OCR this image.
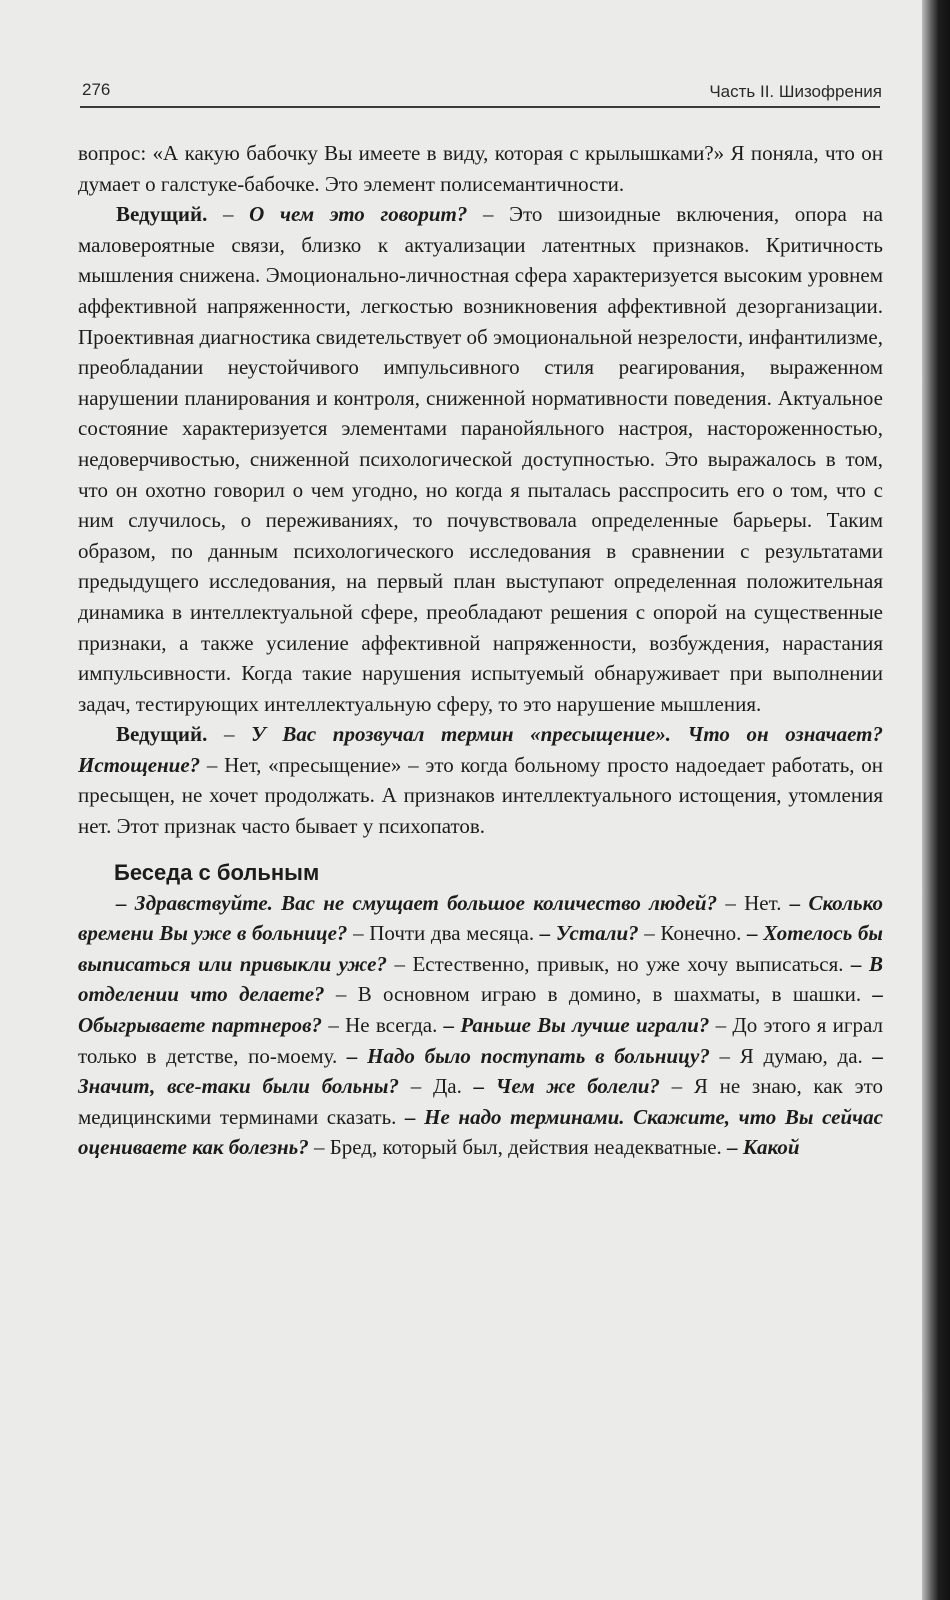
276	Часть II. Шизофрения

вопрос: «А какую бабочку Вы имеете в виду, которая с крылышками?» Я поняла, что он думает о галстуке-бабочке. Это элемент полисемантичности.

Ведущий. – О чем это говорит? – Это шизоидные включения, опора на маловероятные связи, близко к актуализации латентных признаков. Критичность мышления снижена. Эмоционально-личностная сфера характеризуется высоким уровнем аффективной напряженности, легкостью возникновения аффективной дезорганизации. Проективная диагностика свидетельствует об эмоциональной незрелости, инфантилизме, преобладании неустойчивого импульсивного стиля реагирования, выраженном нарушении планирования и контроля, сниженной нормативности поведения. Актуальное состояние характеризуется элементами паранойяльного настроя, настороженностью, недоверчивостью, сниженной психологической доступностью. Это выражалось в том, что он охотно говорил о чем угодно, но когда я пыталась расспросить его о том, что с ним случилось, о переживаниях, то почувствовала определенные барьеры. Таким образом, по данным психологического исследования в сравнении с результатами предыдущего исследования, на первый план выступают определенная положительная динамика в интеллектуальной сфере, преобладают решения с опорой на существенные признаки, а также усиление аффективной напряженности, возбуждения, нарастания импульсивности. Когда такие нарушения испытуемый обнаруживает при выполнении задач, тестирующих интеллектуальную сферу, то это нарушение мышления.

Ведущий. – У Вас прозвучал термин «пресыщение». Что он означает? Истощение? – Нет, «пресыщение» – это когда больному просто надоедает работать, он пресыщен, не хочет продолжать. А признаков интеллектуального истощения, утомления нет. Этот признак часто бывает у психопатов.

Беседа с больным

– Здравствуйте. Вас не смущает большое количество людей? – Нет. – Сколько времени Вы уже в больнице? – Почти два месяца. – Устали? – Конечно. – Хотелось бы выписаться или привыкли уже? – Естественно, привык, но уже хочу выписаться. – В отделении что делаете? – В основном играю в домино, в шахматы, в шашки. – Обыгрываете партнеров? – Не всегда. – Раньше Вы лучше играли? – До этого я играл только в детстве, по-моему. – Надо было поступать в больницу? – Я думаю, да. – Значит, все-таки были больны? – Да. – Чем же болели? – Я не знаю, как это медицинскими терминами сказать. – Не надо терминами. Скажите, что Вы сейчас оцениваете как болезнь? – Бред, который был, действия неадекватные. – Какой
